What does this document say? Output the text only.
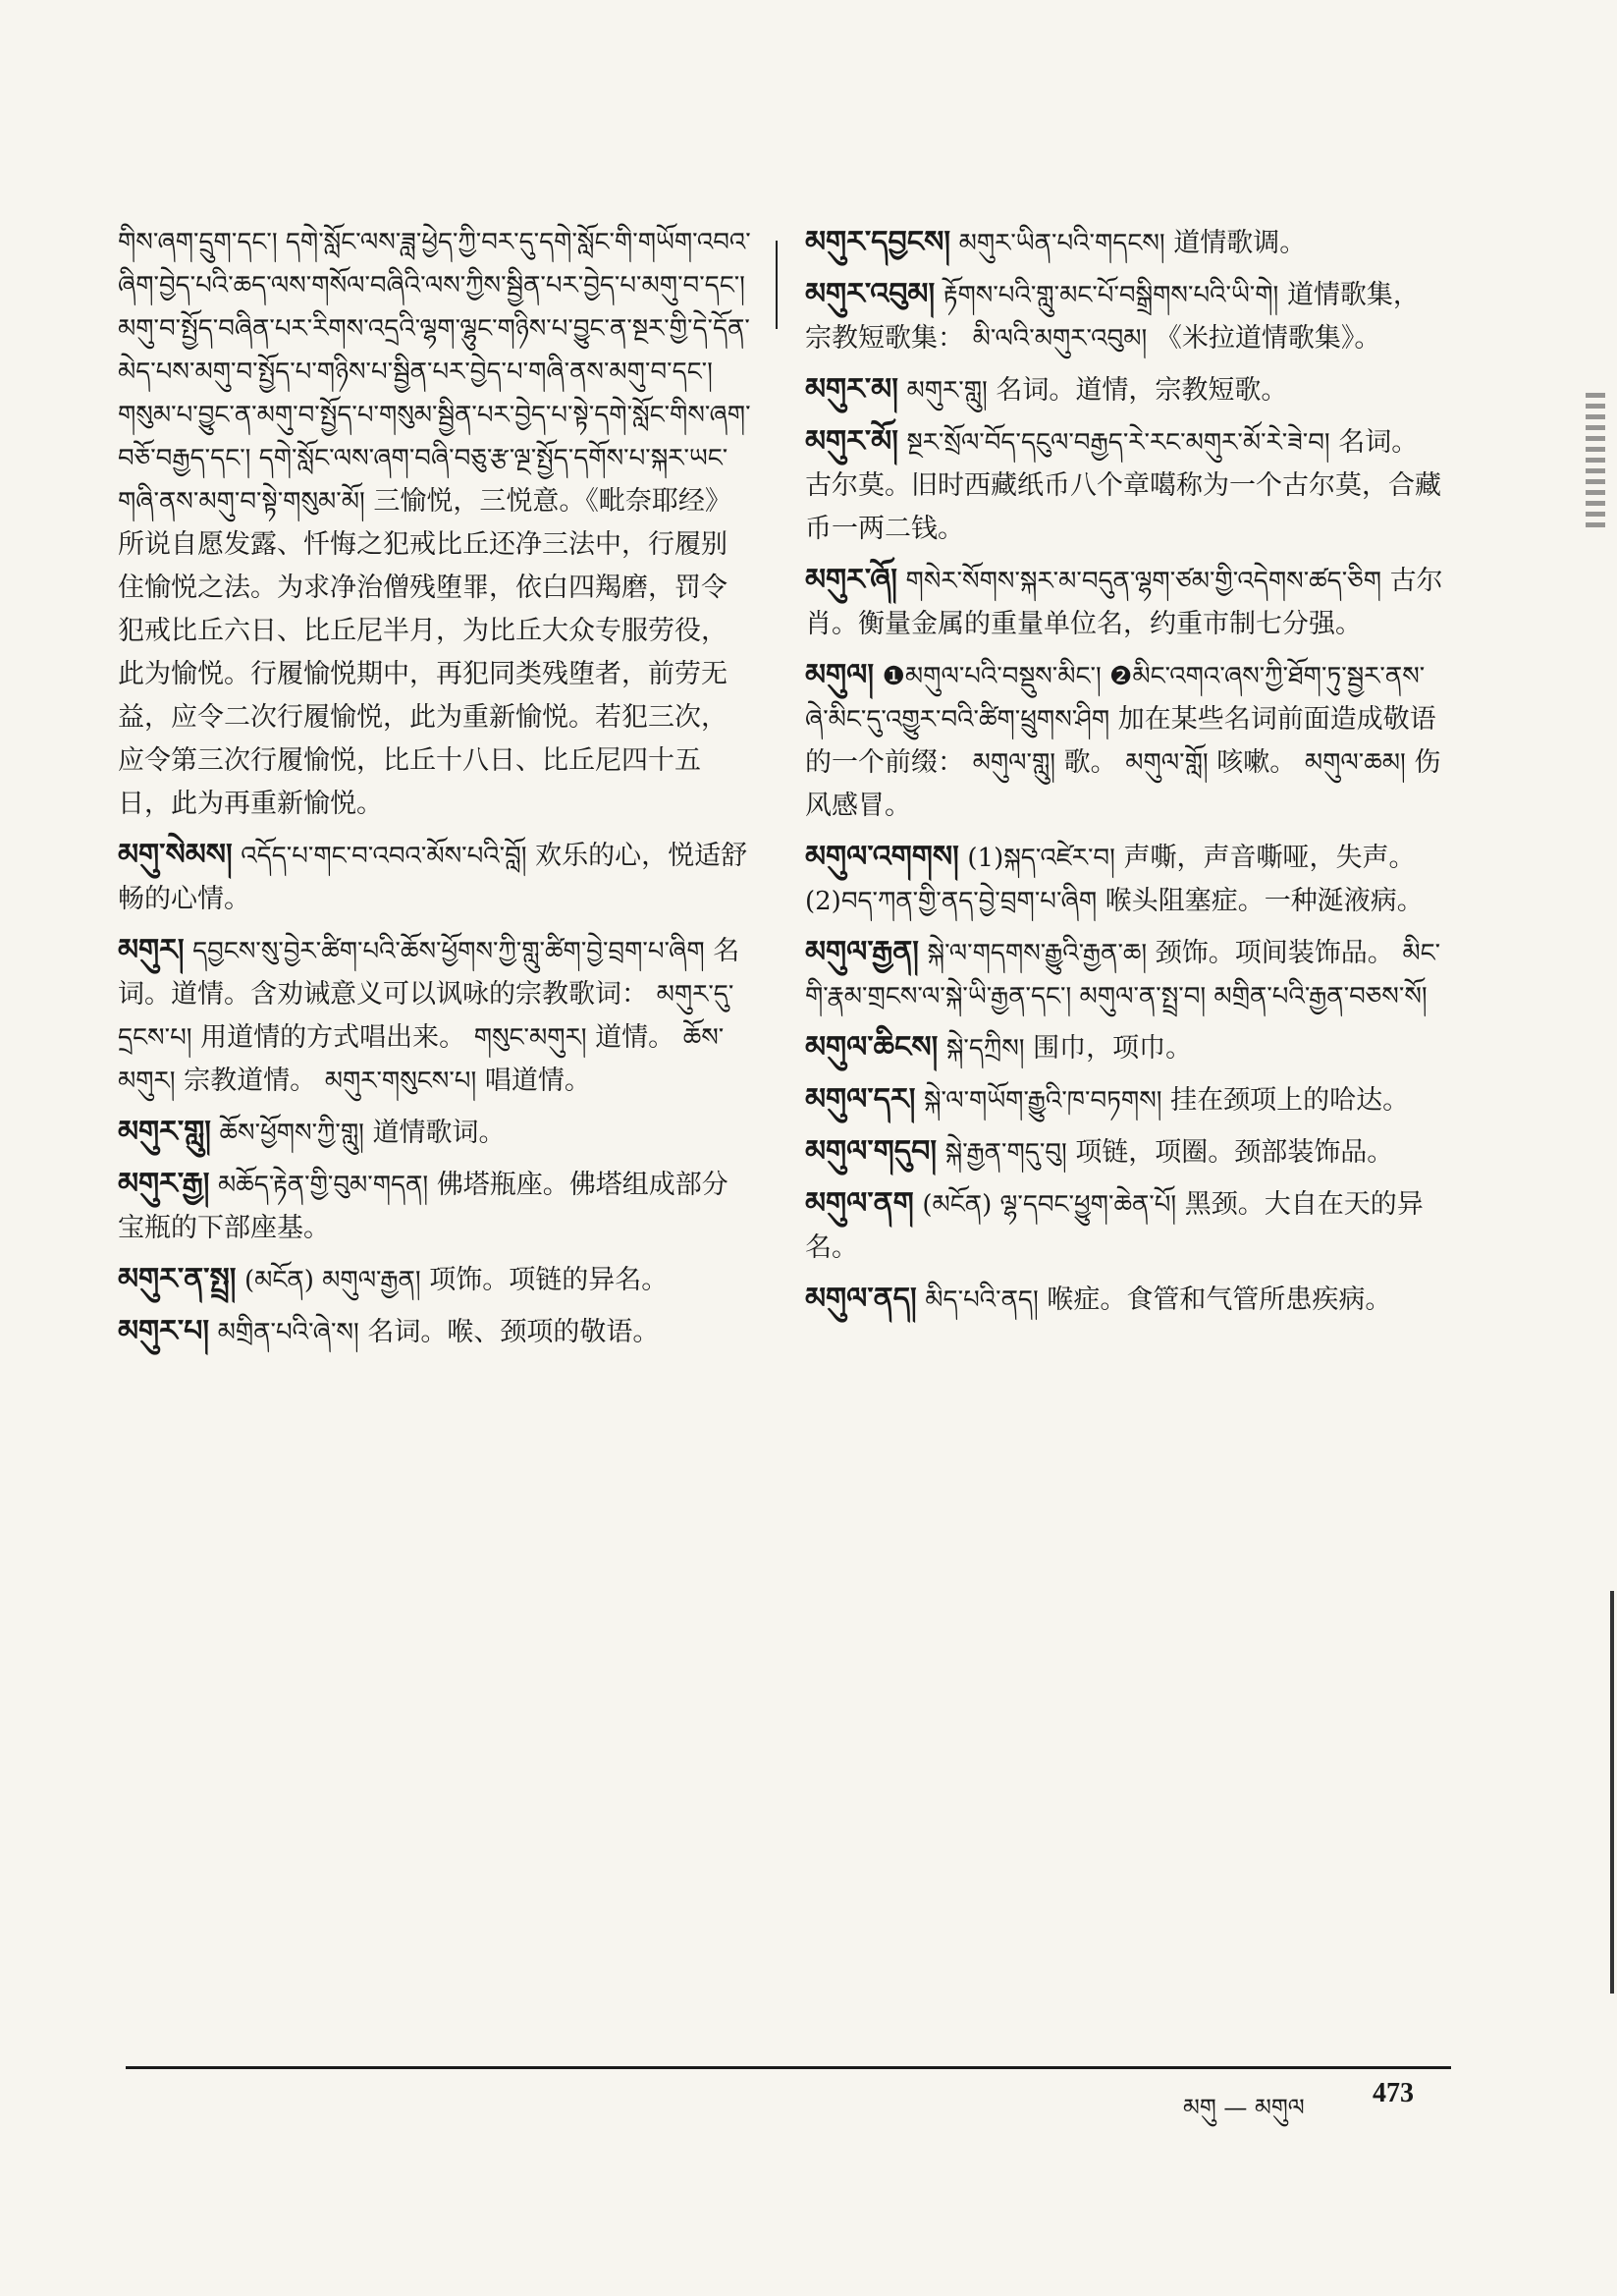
གིས་ཞག་དྲུག་དང་། དགེ་སློང་ལས་ཟླ་ཕྱེད་ཀྱི་བར་དུ་དགེ་སློང་གི་གཡོག་འབའ་ཞིག་བྱེད་པའི་ཆད་ལས་གསོལ་བཞིའི་ལས་ཀྱིས་སྦྱིན་པར་བྱེད་པ་མགུ་བ་དང་། མགུ་བ་སྤྱོད་བཞིན་པར་རིགས་འདྲའི་ལྷག་ལྷུང་གཉིས་པ་བྱུང་ན་སྔར་གྱི་དེ་དོན་མེད་པས་མགུ་བ་སྤྱོད་པ་གཉིས་པ་སྦྱིན་པར་བྱེད་པ་གཞི་ནས་མགུ་བ་དང་། གསུམ་པ་བྱུང་ན་མགུ་བ་སྤྱོད་པ་གསུམ་སྦྱིན་པར་བྱེད་པ་སྟེ་དགེ་སློང་གིས་ཞག་བཅོ་བརྒྱད་དང་། དགེ་སློང་ལས་ཞག་བཞི་བཅུ་རྩ་ལྔ་སྤྱོད་དགོས་པ་སྐར་ཡང་གཞི་ནས་མགུ་བ་སྟེ་གསུམ་མོ། 三愉悦，三悦意。《毗奈耶经》所说自愿发露、忏悔之犯戒比丘还净三法中，行履别住愉悦之法。为求净治僧残堕罪，依白四羯磨，罚令犯戒比丘六日、比丘尼半月，为比丘大众专服劳役，此为愉悦。行履愉悦期中，再犯同类残堕者，前劳无益，应令二次行履愉悦，此为重新愉悦。若犯三次，应令第三次行履愉悦，比丘十八日、比丘尼四十五日，此为再重新愉悦。
མགུ་སེམས། འདོད་པ་གང་བ་འབའ་མོས་པའི་བློ། 欢乐的心，悦适舒畅的心情。
མགུར། དབྱངས་སུ་བྱེར་ཚིག་པའི་ཆོས་ཕྱོགས་ཀྱི་གླུ་ཚིག་བྱེ་བྲག་པ་ཞིག 名词。道情。含劝诫意义可以讽咏的宗教歌词： མགུར་དུ་དྲངས་པ། 用道情的方式唱出来。 གསུང་མགུར། 道情。 ཆོས་མགུར། 宗教道情。 མགུར་གསུངས་པ། 唱道情。
མགུར་གླུ། ཆོས་ཕྱོགས་ཀྱི་གླུ། 道情歌词。
མགུར་རྒྱ། མཆོད་རྟེན་གྱི་བུམ་གདན། 佛塔瓶座。佛塔组成部分宝瓶的下部座基。
མགུར་ན་སྤྲ། (མངོན) མགུལ་རྒྱན། 项饰。项链的异名。
མགུར་པ། མགྲིན་པའི་ཞེ་ས། 名词。喉、颈项的敬语。
མགུར་དབྱངས། མགུར་ཡིན་པའི་གདངས། 道情歌调。
མགུར་འབུམ། རྟོགས་པའི་གླུ་མང་པོ་བསྒྲིགས་པའི་ཡི་གེ། 道情歌集，宗教短歌集： མི་ལའི་མགུར་འབུམ། 《米拉道情歌集》。
མགུར་མ། མགུར་གླུ། 名词。道情，宗教短歌。
མགུར་མོ། སྔར་སྲོལ་བོད་དངུལ་བརྒྱད་རེ་རང་མགུར་མོ་རེ་ཟེ་བ། 名词。古尔莫。旧时西藏纸币八个章噶称为一个古尔莫，合藏币一两二钱。
མགུར་ཞོ། གསེར་སོགས་སྐར་མ་བདུན་ལྷག་ཙམ་གྱི་འདེགས་ཚད་ཅིག 古尔肖。衡量金属的重量单位名，约重市制七分强。
མགུལ། ❶མགུལ་པའི་བསྡུས་མིང་། ❷མིང་འགའ་ཞས་ཀྱི་ཐོག་ཏུ་སྦྱར་ནས་ཞེ་མིང་དུ་འགྱུར་བའི་ཚིག་ཕྲུགས་ཤིག 加在某些名词前面造成敬语的一个前缀： མགུལ་གླུ། 歌。 མགུལ་གློ། 咳嗽。 མགུལ་ཆམ། 伤风感冒。
མགུལ་འགགས། (1)སྐད་འཛེར་བ། 声嘶，声音嘶哑，失声。 (2)བད་ཀན་གྱི་ནད་བྱེ་བྲག་པ་ཞིག 喉头阻塞症。一种涎液病。
མགུལ་རྒྱན། སྐེ་ལ་གདགས་རྒྱུའི་རྒྱན་ཆ། 颈饰。项间装饰品。 མིང་གི་རྣམ་གྲངས་ལ་སྐེ་ཡི་རྒྱན་དང་། མགུལ་ན་སྤྲ་བ། མགྲིན་པའི་རྒྱན་བཅས་སོ།
མགུལ་ཆིངས། སྐེ་དཀྲིས། 围巾，项巾。
མགུལ་དར། སྐེ་ལ་གཡོག་རྒྱུའི་ཁ་བཏགས། 挂在颈项上的哈达。
མགུལ་གདུབ། སྐེ་རྒྱན་གདུ་བུ། 项链，项圈。颈部装饰品。
མགུལ་ནག (མངོན) ལྷ་དབང་ཕྱུག་ཆེན་པོ། 黑颈。大自在天的异名。
མགུལ་ནད། མིད་པའི་ནད། 喉症。食管和气管所患疾病。
མགུ — མགུལ 473
